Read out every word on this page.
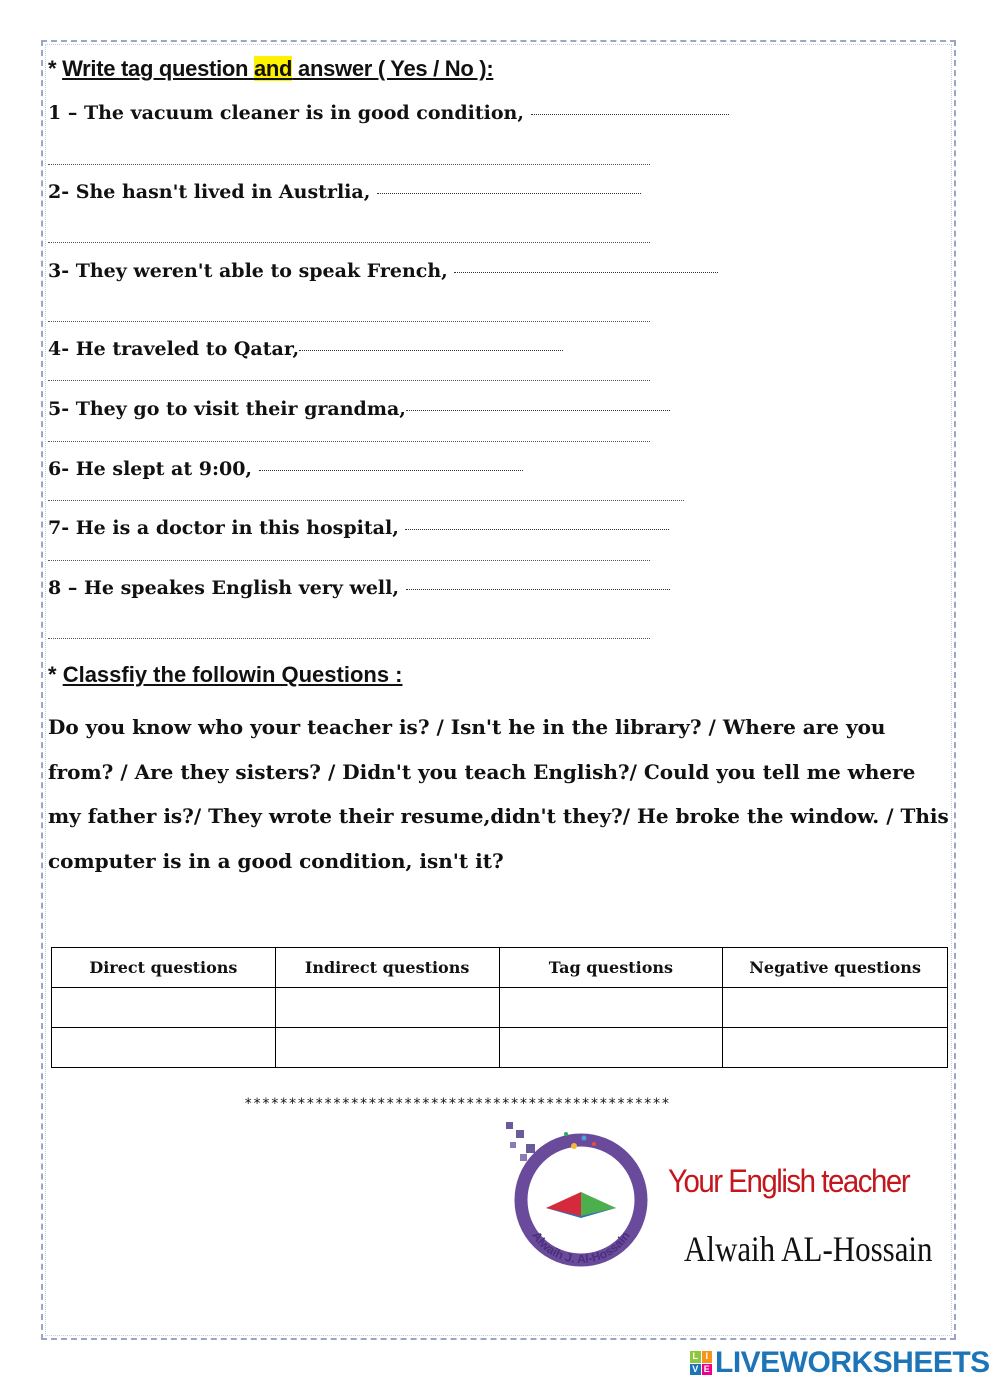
* Write tag question and answer ( Yes / No ):
1 – The vacuum cleaner is in good condition,
2- She hasn't lived in Austrlia,
3- They weren't able to speak French,
4- He traveled to Qatar,
5- They go to visit their grandma,
6- He slept at 9:00,
7- He is a doctor in this hospital,
8 – He speakes English very well,
* Classfiy the followin Questions :
Do you know who your teacher is? / Isn't he in the library? / Where are you from? / Are they sisters? / Didn't you teach English?/ Could you tell me where my father is?/ They wrote their resume,didn't they?/ He broke the window. / This computer is in a good condition, isn't it?
Direct questions	Indirect questions	Tag questions	Negative questions

************************************************
Alwaih J. Al-Hossain
Your English teacher
Alwaih AL-Hossain
L I
V E LIVEWORKSHEETS
